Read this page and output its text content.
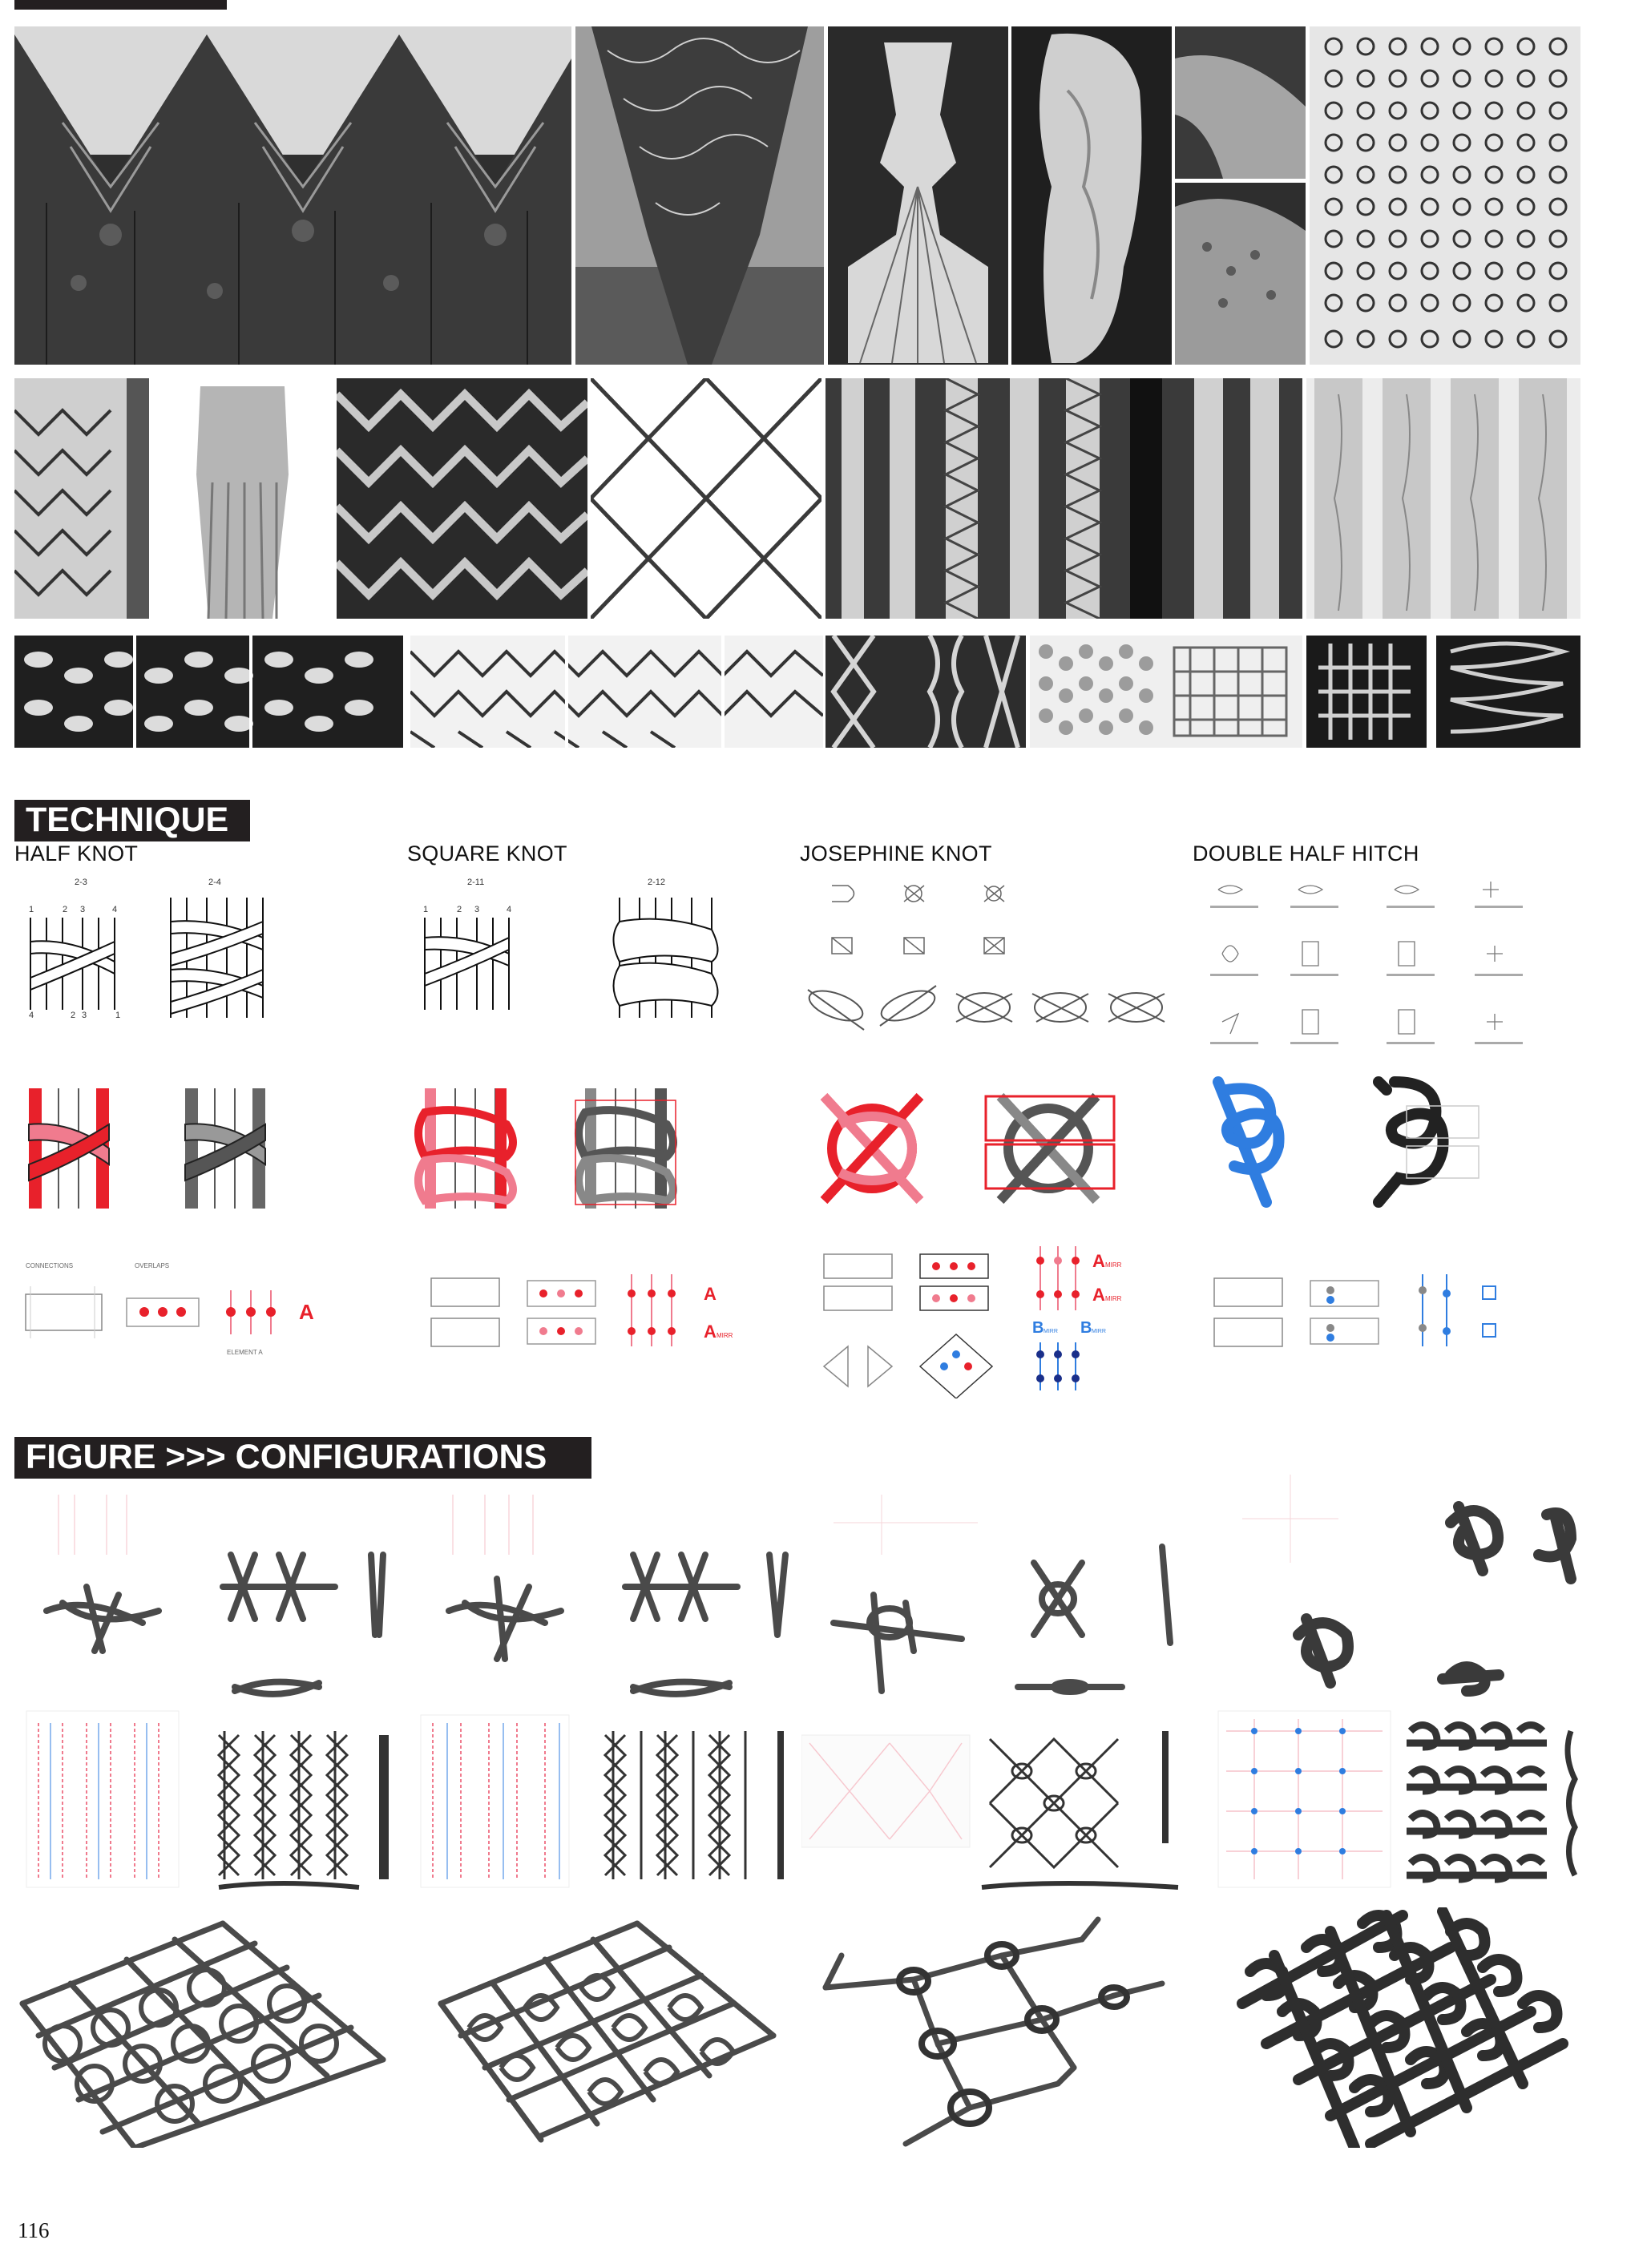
TECHNIQUE
HALF KNOT	SQUARE KNOT	JOSEPHINE KNOT	DOUBLE HALF HITCH
2-3	2-4
1	2 3	4
4	2 3	1
2-11	2-12
1	2 3	4
CONNECTIONS	OVERLAPS
A
ELEMENT A
A
A MIRR
A MIRR
A MIRR
B MIRR B MIRR
FIGURE >>> CONFIGURATIONS
116
